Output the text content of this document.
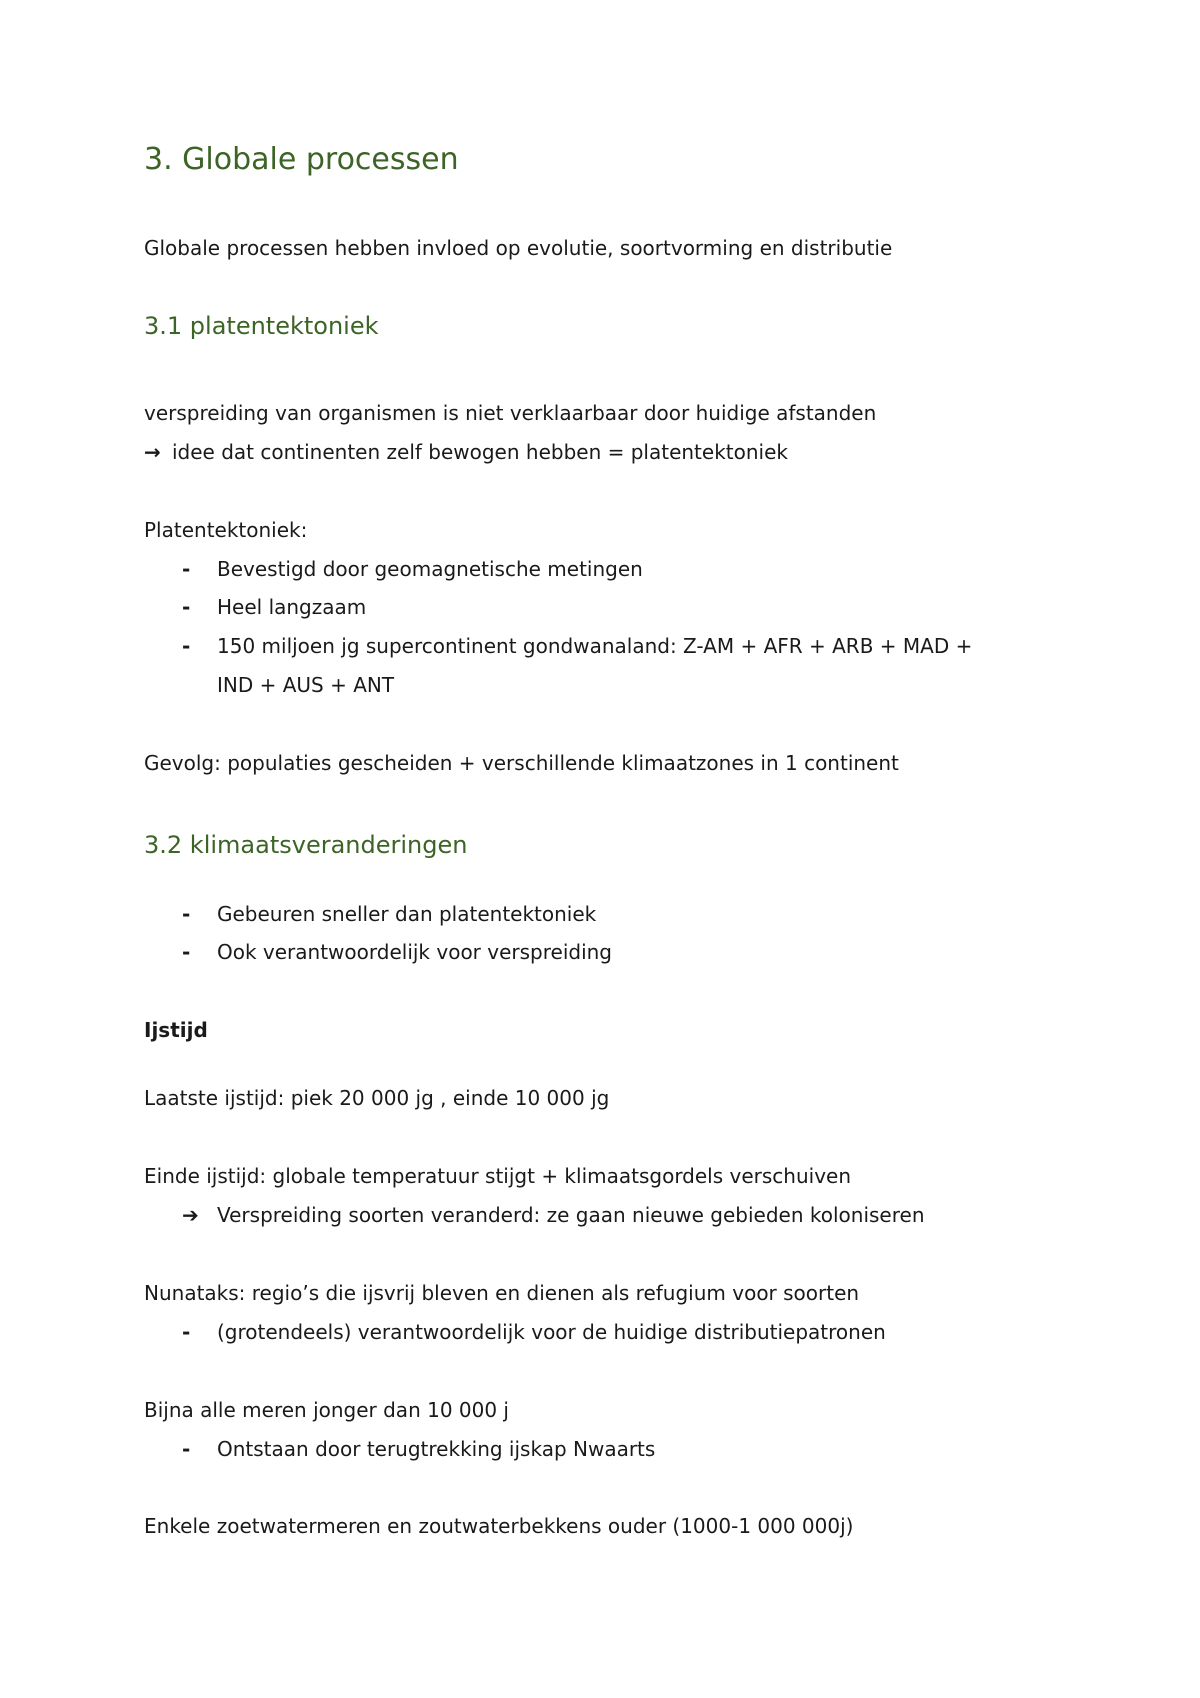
3. Globale processen
Globale processen hebben invloed op evolutie, soortvorming en distributie
3.1 platentektoniek
verspreiding van organismen is niet verklaarbaar door huidige afstanden
→ idee dat continenten zelf bewogen hebben = platentektoniek
Platentektoniek:
-	Bevestigd door geomagnetische metingen
-	Heel langzaam
-	150 miljoen jg supercontinent gondwanaland: Z-AM + AFR + ARB + MAD +
IND + AUS + ANT
Gevolg: populaties gescheiden + verschillende klimaatzones in 1 continent
3.2 klimaatsveranderingen
-	Gebeuren sneller dan platentektoniek
-	Ook verantwoordelijk voor verspreiding
Ijstijd
Laatste ijstijd: piek 20 000 jg , einde 10 000 jg
Einde ijstijd: globale temperatuur stijgt + klimaatsgordels verschuiven
➔ Verspreiding soorten veranderd: ze gaan nieuwe gebieden koloniseren
Nunataks: regio’s die ijsvrij bleven en dienen als refugium voor soorten
-	(grotendeels) verantwoordelijk voor de huidige distributiepatronen
Bijna alle meren jonger dan 10 000 j
-	Ontstaan door terugtrekking ijskap Nwaarts
Enkele zoetwatermeren en zoutwaterbekkens ouder (1000-1 000 000j)
